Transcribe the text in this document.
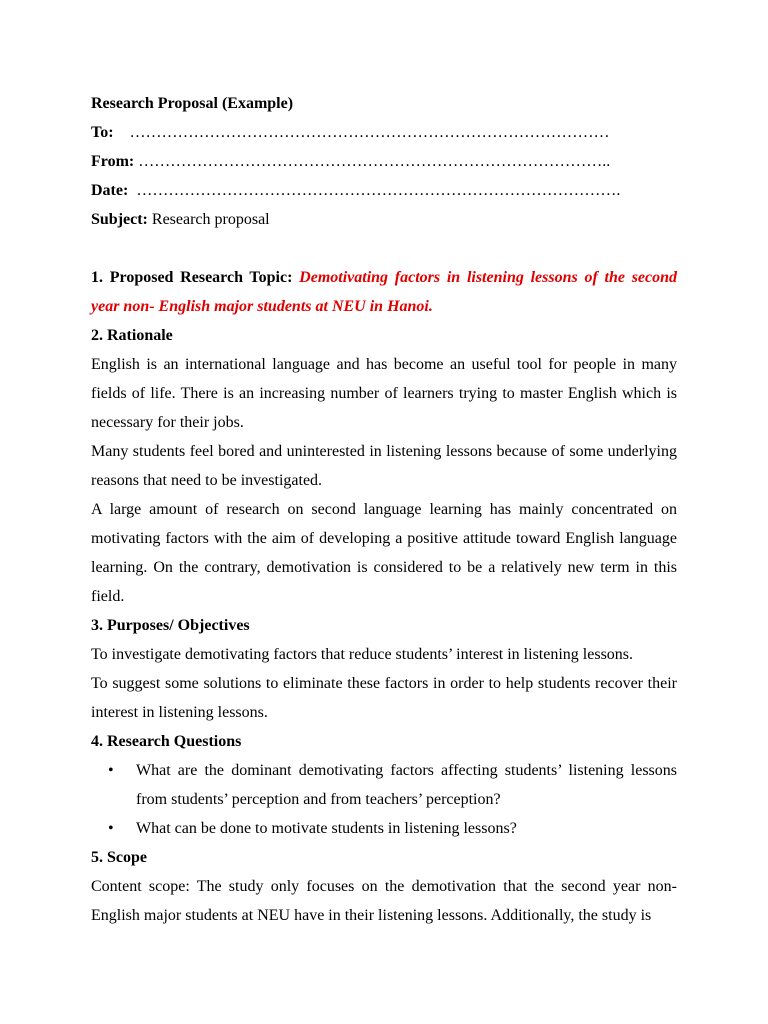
Research Proposal (Example)

To: ………………………………………………………………………………

From: ……………………………………………………………………………..

Date: ……………………………………………………………………………….

Subject: Research proposal

1. Proposed Research Topic: Demotivating factors in listening lessons of the second year non- English major students at NEU in Hanoi.

2. Rationale

English is an international language and has become an useful tool for people in many fields of life. There is an increasing number of learners trying to master English which is necessary for their jobs.

Many students feel bored and uninterested in listening lessons because of some underlying reasons that need to be investigated.

A large amount of research on second language learning has mainly concentrated on motivating factors with the aim of developing a positive attitude toward English language learning. On the contrary, demotivation is considered to be a relatively new term in this field.

3. Purposes/ Objectives

To investigate demotivating factors that reduce students’ interest in listening lessons.

To suggest some solutions to eliminate these factors in order to help students recover their interest in listening lessons.

4. Research Questions

• What are the dominant demotivating factors affecting students’ listening lessons from students’ perception and from teachers’ perception?
• What can be done to motivate students in listening lessons?

5. Scope

Content scope: The study only focuses on the demotivation that the second year non-English major students at NEU have in their listening lessons. Additionally, the study is
